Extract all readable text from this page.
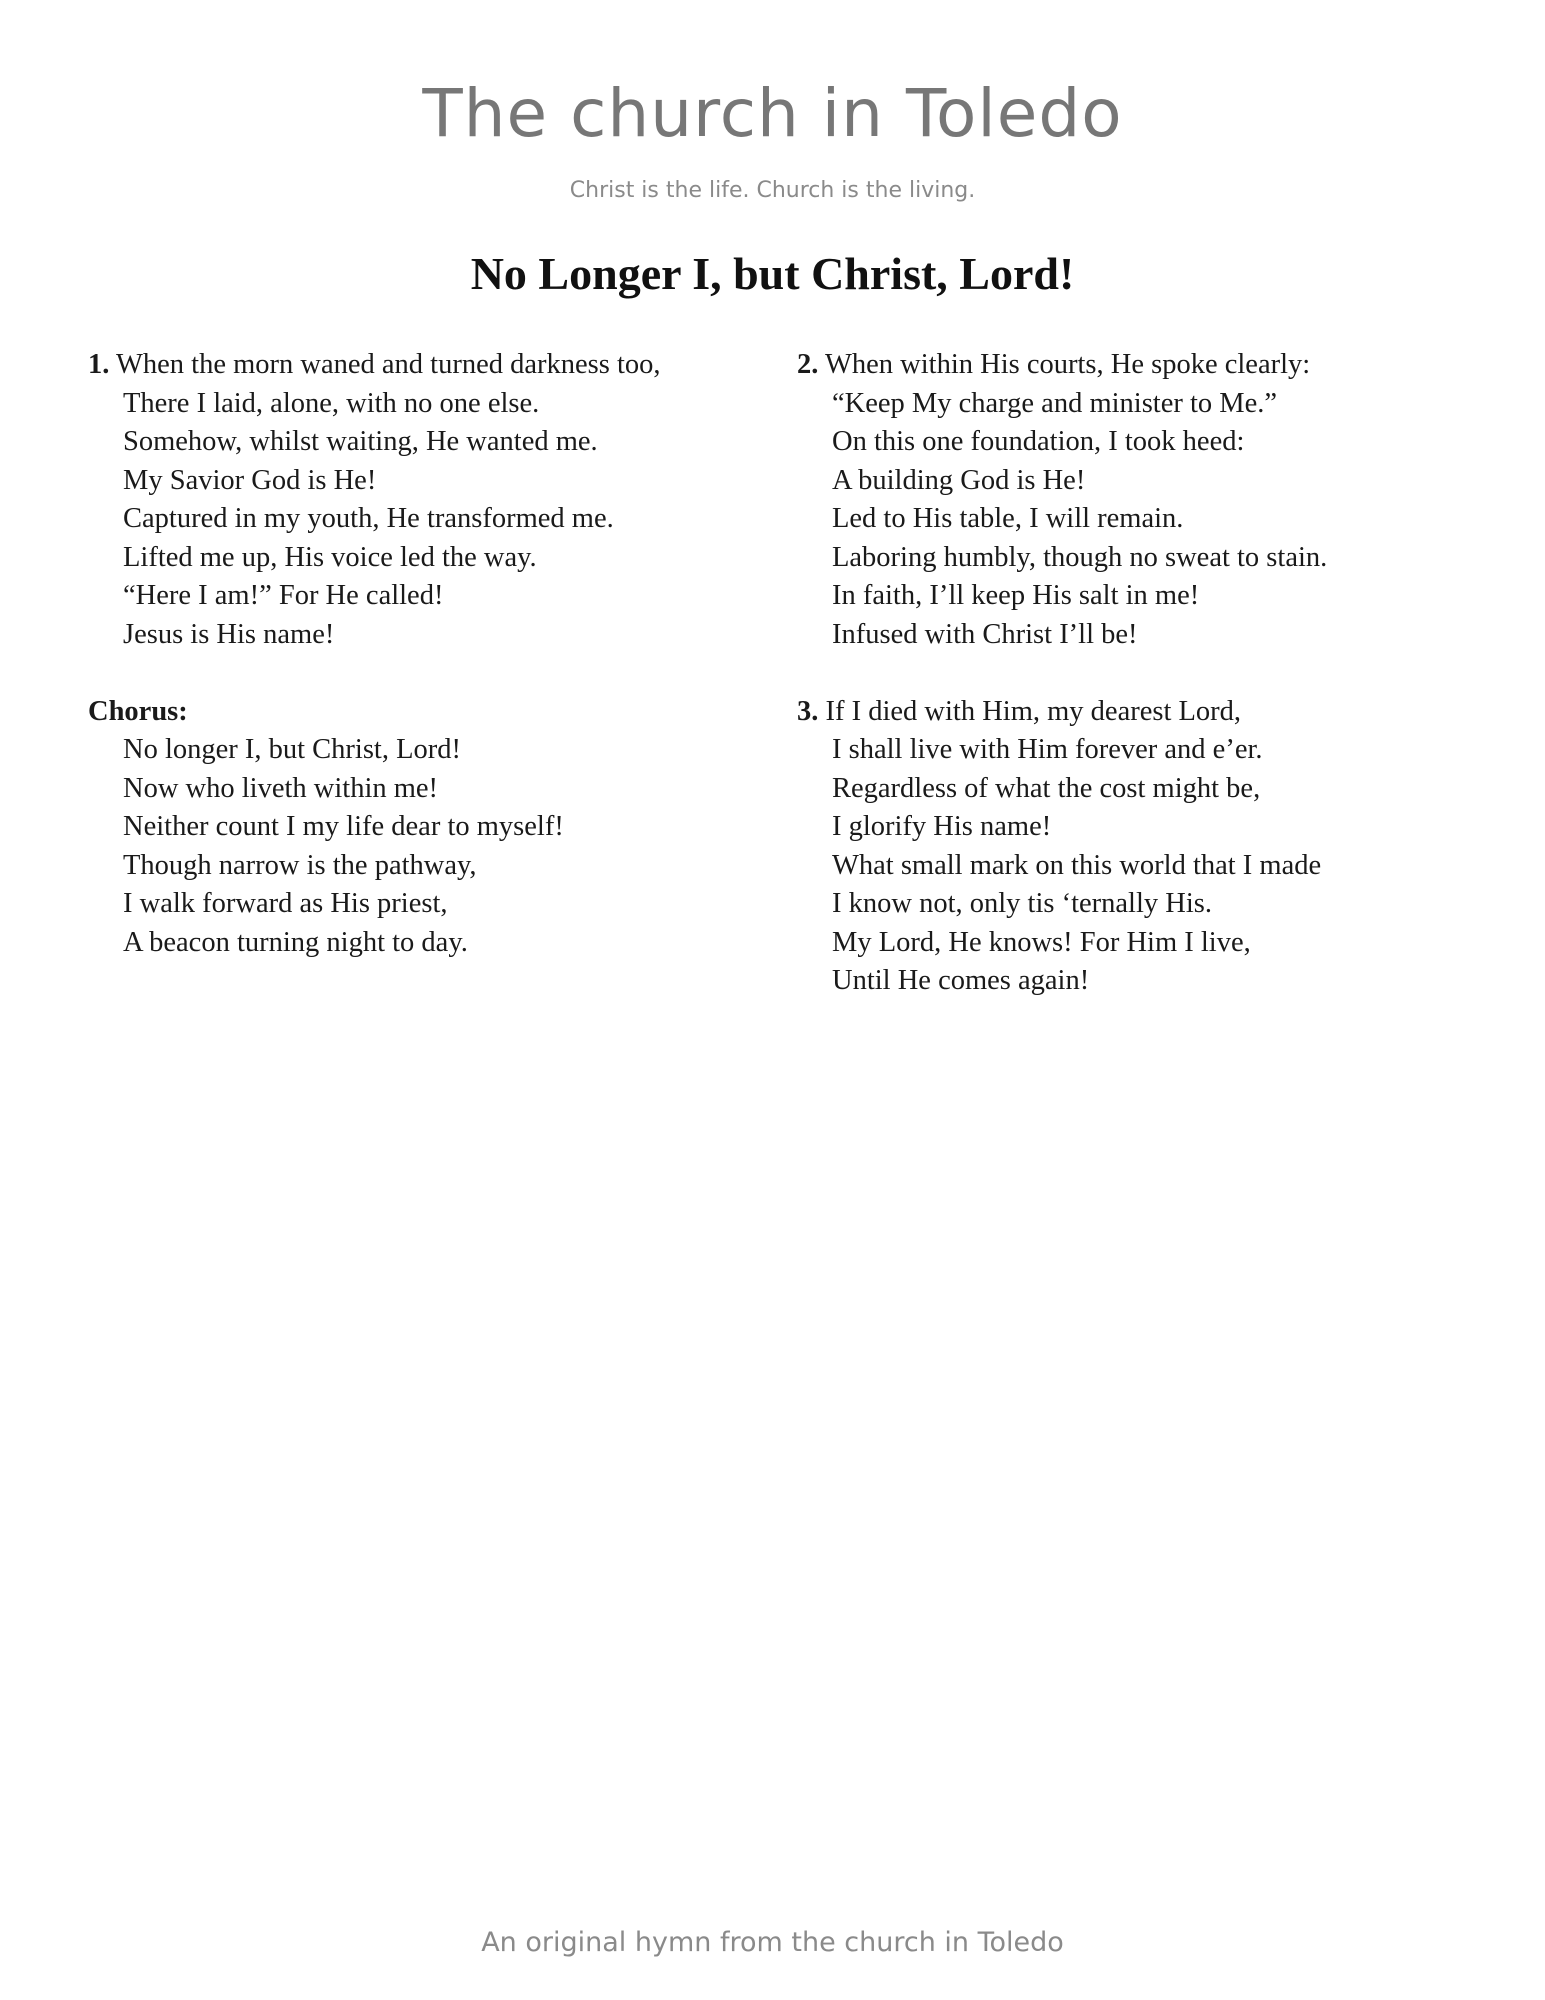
The church in Toledo
Christ is the life. Church is the living.
No Longer I, but Christ, Lord!
1. When the morn waned and turned darkness too,
There I laid, alone, with no one else.
Somehow, whilst waiting, He wanted me.
My Savior God is He!
Captured in my youth, He transformed me.
Lifted me up, His voice led the way.
“Here I am!” For He called!
Jesus is His name!
Chorus:
No longer I, but Christ, Lord!
Now who liveth within me!
Neither count I my life dear to myself!
Though narrow is the pathway,
I walk forward as His priest,
A beacon turning night to day.
2. When within His courts, He spoke clearly:
“Keep My charge and minister to Me.”
On this one foundation, I took heed:
A building God is He!
Led to His table, I will remain.
Laboring humbly, though no sweat to stain.
In faith, I’ll keep His salt in me!
Infused with Christ I’ll be!
3. If I died with Him, my dearest Lord,
I shall live with Him forever and e’er.
Regardless of what the cost might be,
I glorify His name!
What small mark on this world that I made
I know not, only tis ‘ternally His.
My Lord, He knows! For Him I live,
Until He comes again!
An original hymn from the church in Toledo
